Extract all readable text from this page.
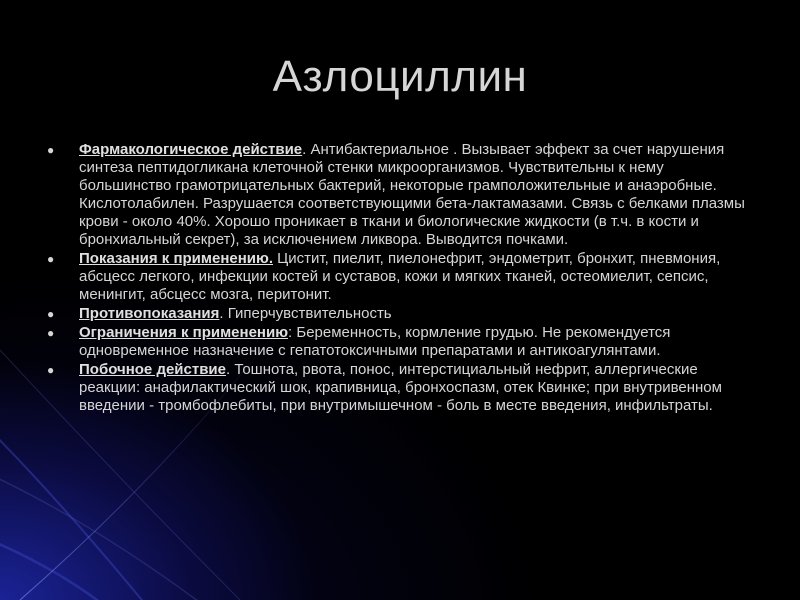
Азлоциллин
● Фармакологическое действие. Антибактериальное . Вызывает эффект за счет нарушения синтеза пептидогликана клеточной стенки микроорганизмов. Чувствительны к нему большинство грамотрицательных бактерий, некоторые грамположительные и анаэробные. Кислотолабилен. Разрушается соответствующими бета-лактамазами. Связь с белками плазмы крови - около 40%. Хорошо проникает в ткани и биологические жидкости (в т.ч. в кости и бронхиальный секрет), за исключением ликвора. Выводится почками.
● Показания к применению. Цистит, пиелит, пиелонефрит, эндометрит, бронхит, пневмония, абсцесс легкого, инфекции костей и суставов, кожи и мягких тканей, остеомиелит, сепсис, менингит, абсцесс мозга, перитонит.
● Противопоказания. Гиперчувствительность
● Ограничения к применению: Беременность, кормление грудью. Не рекомендуется одновременное назначение с гепатотоксичными препаратами и антикоагулянтами.
● Побочное действие. Тошнота, рвота, понос, интерстициальный нефрит, аллергические реакции: анафилактический шок, крапивница, бронхоспазм, отек Квинке; при внутривенном введении - тромбофлебиты, при внутримышечном - боль в месте введения, инфильтраты.
